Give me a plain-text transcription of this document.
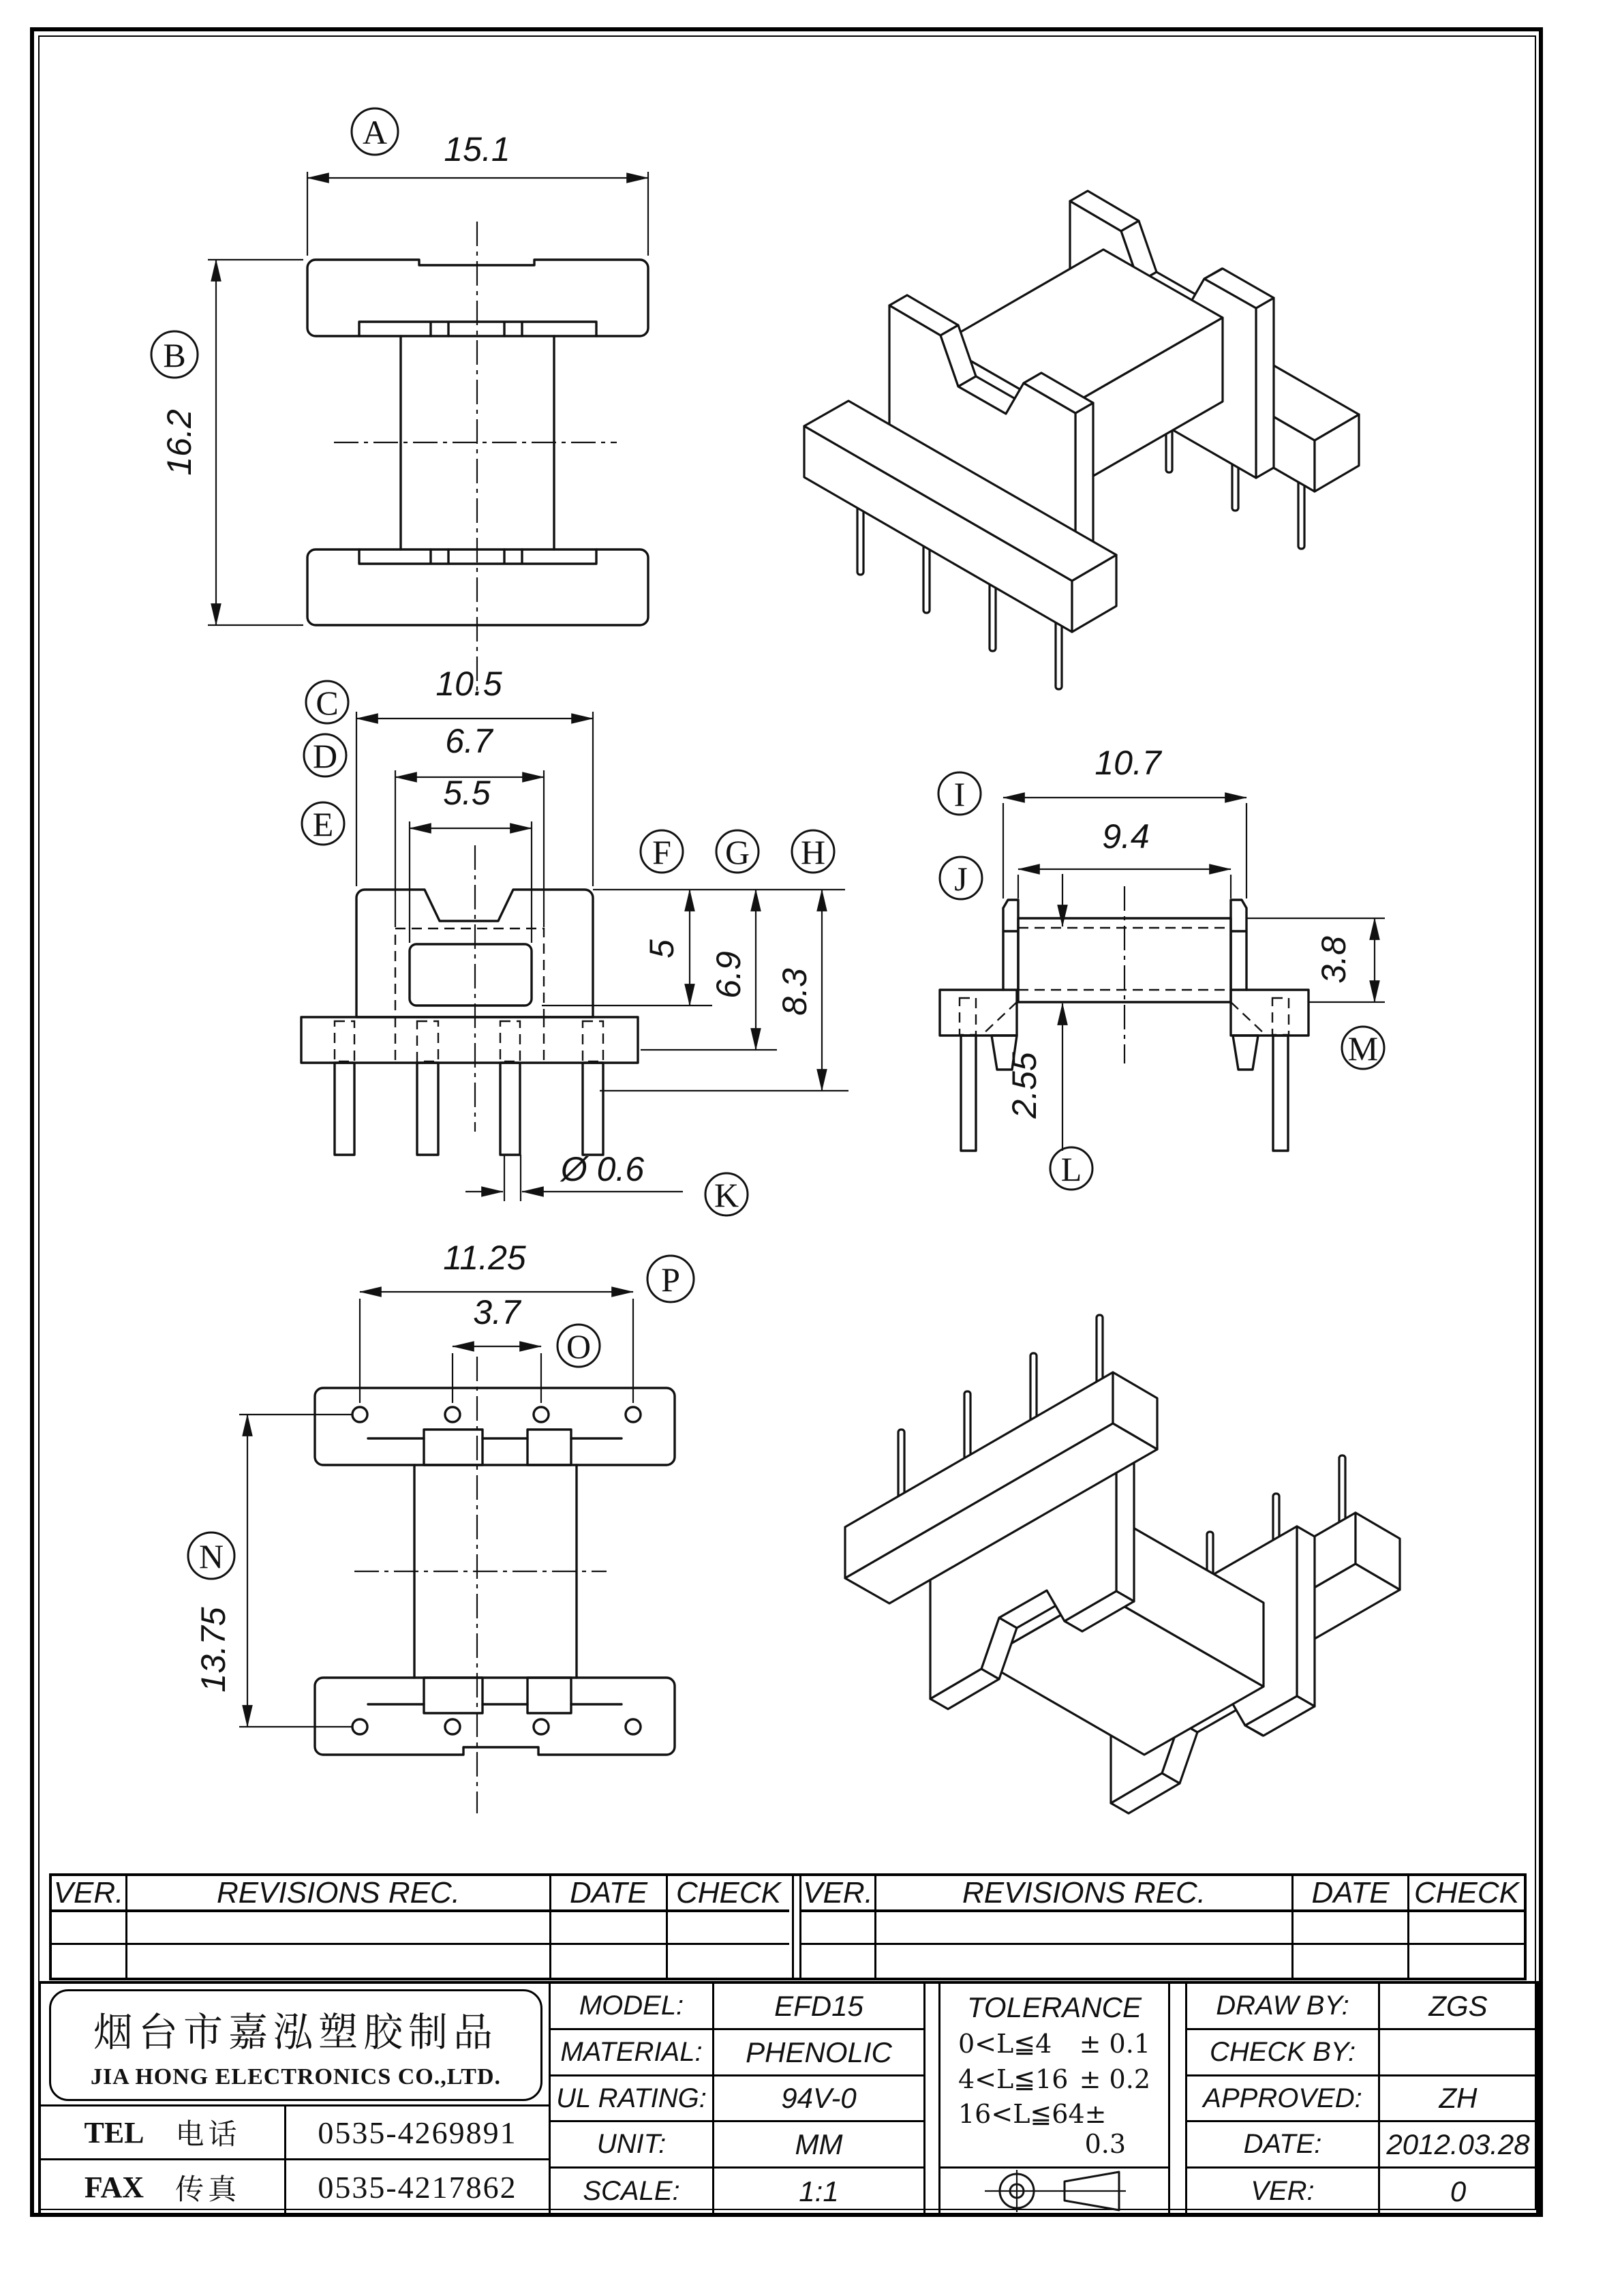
15.1
A
16.2
B
10.5
6.7
5.5
C
D
E
F G H
5
6.9 8.3
Ø 0.6
K
10.7
9.4
I
J
3.8
M
2.55
L
11.25
P
3.7
O
13.75
N
VER.	REVISIONS REC.	DATE CHECK VER.	REVISIONS REC.	DATE CHECK
烟台市嘉泓塑胶制品
JIA HONG ELECTRONICS CO.,LTD.
TEL 电话	0535-4269891
FAX 传真	0535-4217862
MODEL:	EFD15
MATERIAL:	PHENOLIC
UL RATING:	94V-0
UNIT:	MM
SCALE:	1:1
TOLERANCE
0<L≦4 ± 0.1
4<L≦16 ± 0.2
16<L≦64 ± 0.3
DRAW BY:	ZGS
CHECK BY:
APPROVED:	ZH
DATE:	2012.03.28
VER:	0
